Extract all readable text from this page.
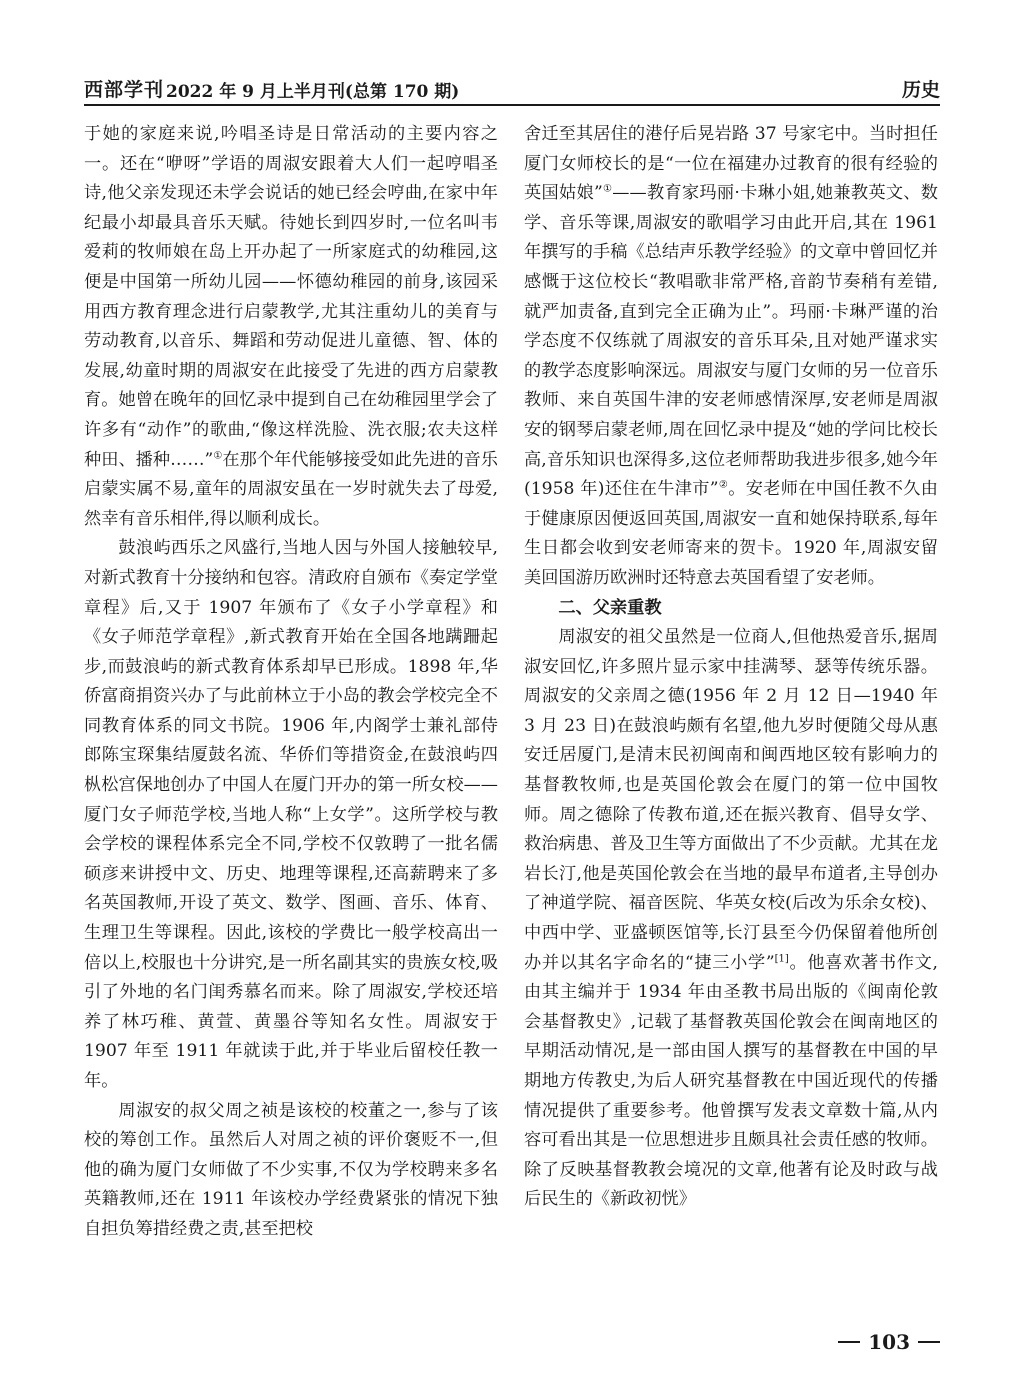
西部学刊 2022 年 9 月上半月刊(总第 170 期)	历史

于她的家庭来说,吟唱圣诗是日常活动的主要内容之一。还在“咿呀”学语的周淑安跟着大人们一起哼唱圣诗,他父亲发现还未学会说话的她已经会哼曲,在家中年纪最小却最具音乐天赋。待她长到四岁时,一位名叫韦爱莉的牧师娘在岛上开办起了一所家庭式的幼稚园,这便是中国第一所幼儿园——怀德幼稚园的前身,该园采用西方教育理念进行启蒙教学,尤其注重幼儿的美育与劳动教育,以音乐、舞蹈和劳动促进儿童德、智、体的发展,幼童时期的周淑安在此接受了先进的西方启蒙教育。她曾在晚年的回忆录中提到自己在幼稚园里学会了许多有“动作”的歌曲,“像这样洗脸、洗衣服;农夫这样种田、播种……”①在那个年代能够接受如此先进的音乐启蒙实属不易,童年的周淑安虽在一岁时就失去了母爱,然幸有音乐相伴,得以顺利成长。

鼓浪屿西乐之风盛行,当地人因与外国人接触较早,对新式教育十分接纳和包容。清政府自颁布《奏定学堂章程》后,又于 1907 年颁布了《女子小学章程》和《女子师范学章程》,新式教育开始在全国各地蹒跚起步,而鼓浪屿的新式教育体系却早已形成。1898 年,华侨富商捐资兴办了与此前林立于小岛的教会学校完全不同教育体系的同文书院。1906 年,内阁学士兼礼部侍郎陈宝琛集结厦鼓名流、华侨们等措资金,在鼓浪屿四枞松宫保地创办了中国人在厦门开办的第一所女校——厦门女子师范学校,当地人称“上女学”。这所学校与教会学校的课程体系完全不同,学校不仅敦聘了一批名儒硕彦来讲授中文、历史、地理等课程,还高薪聘来了多名英国教师,开设了英文、数学、图画、音乐、体育、生理卫生等课程。因此,该校的学费比一般学校高出一倍以上,校服也十分讲究,是一所名副其实的贵族女校,吸引了外地的名门闺秀慕名而来。除了周淑安,学校还培养了林巧稚、黄萱、黄墨谷等知名女性。周淑安于 1907 年至 1911 年就读于此,并于毕业后留校任教一年。

周淑安的叔父周之祯是该校的校董之一,参与了该校的筹创工作。虽然后人对周之祯的评价褒贬不一,但他的确为厦门女师做了不少实事,不仅为学校聘来多名英籍教师,还在 1911 年该校办学经费紧张的情况下独自担负筹措经费之责,甚至把校

舍迁至其居住的港仔后晃岩路 37 号家宅中。当时担任厦门女师校长的是“一位在福建办过教育的很有经验的英国姑娘”①——教育家玛丽·卡琳小姐,她兼教英文、数学、音乐等课,周淑安的歌唱学习由此开启,其在 1961 年撰写的手稿《总结声乐教学经验》的文章中曾回忆并感慨于这位校长“教唱歌非常严格,音韵节奏稍有差错,就严加责备,直到完全正确为止”。玛丽·卡琳严谨的治学态度不仅练就了周淑安的音乐耳朵,且对她严谨求实的教学态度影响深远。周淑安与厦门女师的另一位音乐教师、来自英国牛津的安老师感情深厚,安老师是周淑安的钢琴启蒙老师,周在回忆录中提及“她的学问比校长高,音乐知识也深得多,这位老师帮助我进步很多,她今年(1958 年)还住在牛津市”②。安老师在中国任教不久由于健康原因便返回英国,周淑安一直和她保持联系,每年生日都会收到安老师寄来的贺卡。1920 年,周淑安留美回国游历欧洲时还特意去英国看望了安老师。

二、父亲重教

周淑安的祖父虽然是一位商人,但他热爱音乐,据周淑安回忆,许多照片显示家中挂满琴、瑟等传统乐器。周淑安的父亲周之德(1956 年 2 月 12 日—1940 年 3 月 23 日)在鼓浪屿颇有名望,他九岁时便随父母从惠安迁居厦门,是清末民初闽南和闽西地区较有影响力的基督教牧师,也是英国伦敦会在厦门的第一位中国牧师。周之德除了传教布道,还在振兴教育、倡导女学、救治病患、普及卫生等方面做出了不少贡献。尤其在龙岩长汀,他是英国伦敦会在当地的最早布道者,主导创办了神道学院、福音医院、华英女校(后改为乐余女校)、中西中学、亚盛顿医馆等,长汀县至今仍保留着他所创办并以其名字命名的“捷三小学”[1]。他喜欢著书作文,由其主编并于 1934 年由圣教书局出版的《闽南伦敦会基督教史》,记载了基督教英国伦敦会在闽南地区的早期活动情况,是一部由国人撰写的基督教在中国的早期地方传教史,为后人研究基督教在中国近现代的传播情况提供了重要参考。他曾撰写发表文章数十篇,从内容可看出其是一位思想进步且颇具社会责任感的牧师。除了反映基督教教会境况的文章,他著有论及时政与战后民生的《新政初恍》

103
